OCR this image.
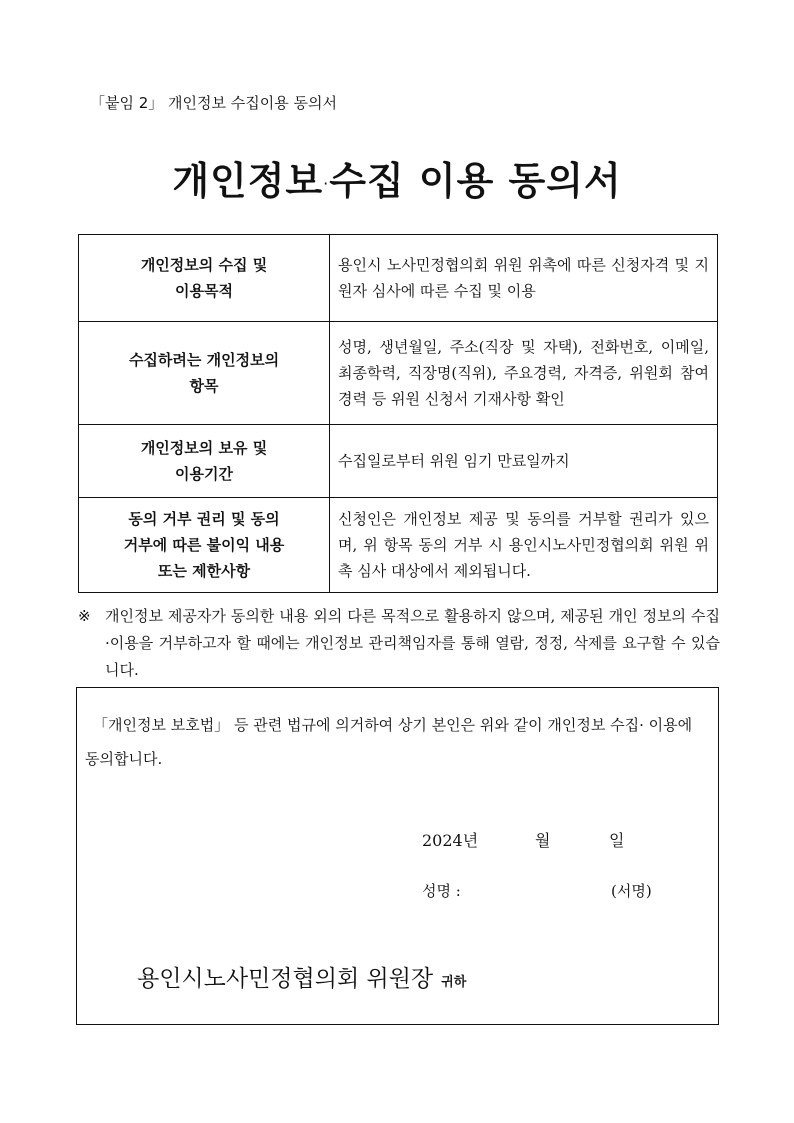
「붙임 2」 개인정보 수집이용 동의서
개인정보·수집 이용 동의서
개인정보의 수집 및
이용목적	용인시 노사민정협의회 위원 위촉에 따른 신청자격 및 지원자 심사에 따른 수집 및 이용

수집하려는 개인정보의
항목	성명, 생년월일, 주소(직장 및 자택), 전화번호, 이메일, 최종학력, 직장명(직위), 주요경력, 자격증, 위원회 참여경력 등 위원 신청서 기재사항 확인

개인정보의 보유 및
이용기간	수집일로부터 위원 임기 만료일까지

동의 거부 권리 및 동의
거부에 따른 불이익 내용
또는 제한사항	신청인은 개인정보 제공 및 동의를 거부할 권리가 있으며, 위 항목 동의 거부 시 용인시노사민정협의회 위원 위촉 심사 대상에서 제외됩니다.
※ 개인정보 제공자가 동의한 내용 외의 다른 목적으로 활용하지 않으며, 제공된 개인 정보의 수집·이용을 거부하고자 할 때에는 개인정보 관리책임자를 통해 열람, 정정, 삭제를 요구할 수 있습니다.
「개인정보 보호법」 등 관련 법규에 의거하여 상기 본인은 위와 같이 개인정보 수집· 이용에 동의합니다.
2024년	월	일
성명 :	(서명)
용인시노사민정협의회 위원장 귀하
